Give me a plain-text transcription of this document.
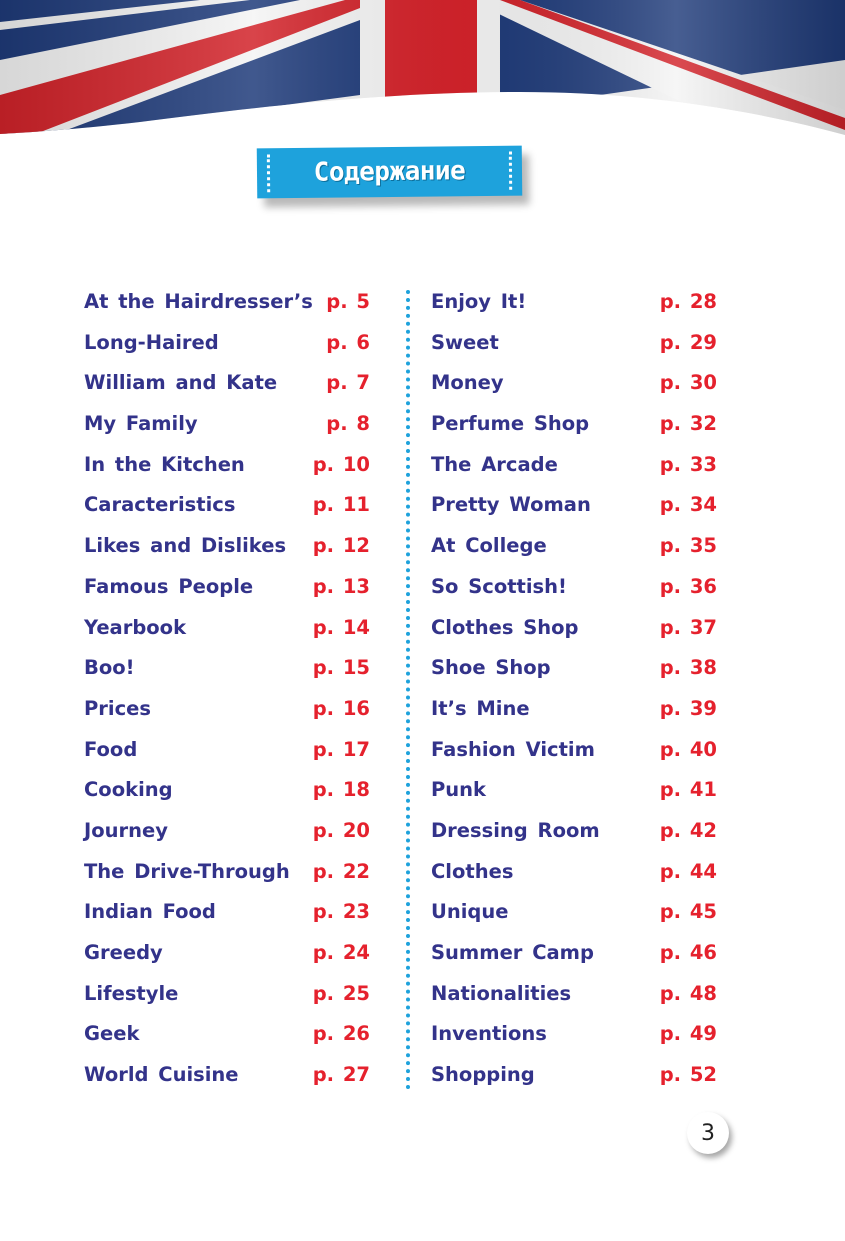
Содержание
At the Hairdresser’s p. 5
Long-Haired	p. 6
William and Kate	p. 7
My Family	p. 8
In the Kitchen	p. 10
Caracteristics	p. 11
Likes and Dislikes p. 12
Famous People	p. 13
Yearbook	p. 14
Boo!	p. 15
Prices	p. 16
Food	p. 17
Cooking	p. 18
Journey	p. 20
The Drive-Through p. 22
Indian Food	p. 23
Greedy	p. 24
Lifestyle	p. 25
Geek	p. 26
World Cuisine	p. 27
Enjoy It!	p. 28
Sweet	p. 29
Money	p. 30
Perfume Shop	p. 32
The Arcade	p. 33
Pretty Woman	p. 34
At College	p. 35
So Scottish!	p. 36
Clothes Shop	p. 37
Shoe Shop	p. 38
It’s Mine	p. 39
Fashion Victim	p. 40
Punk	p. 41
Dressing Room	p. 42
Clothes	p. 44
Unique	p. 45
Summer Camp	p. 46
Nationalities	p. 48
Inventions	p. 49
Shopping	p. 52
3
